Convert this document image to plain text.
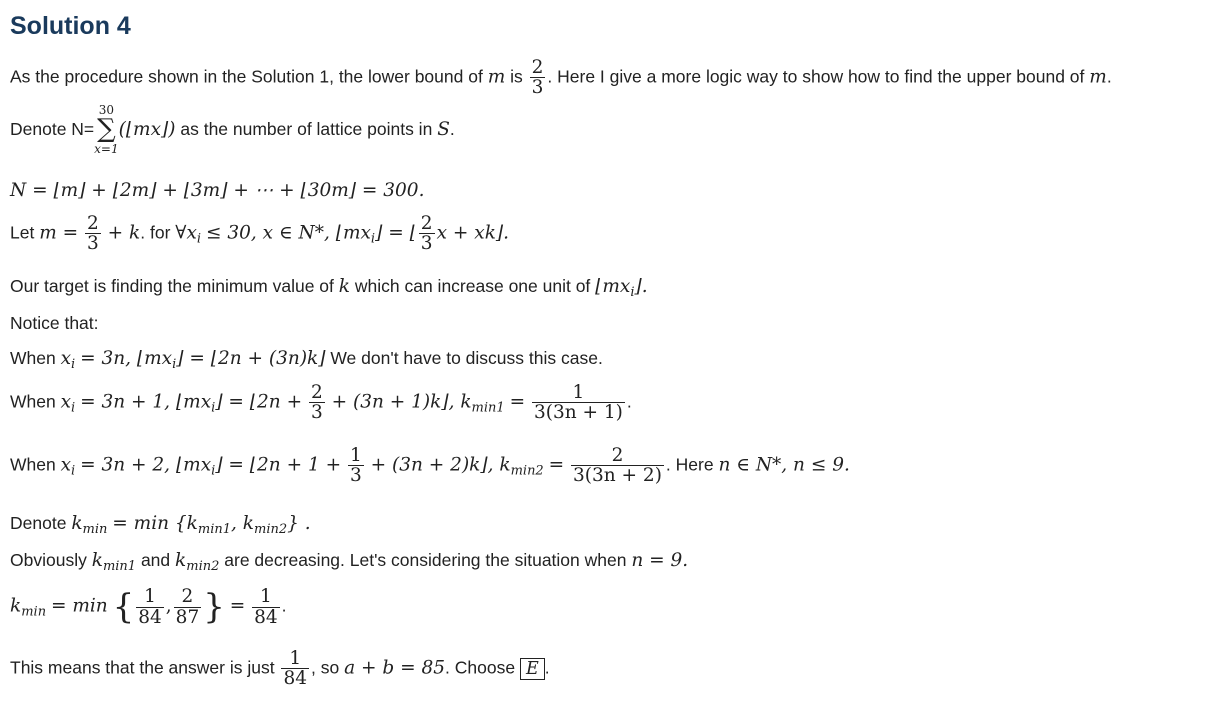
Solution 4
As the procedure shown in the Solution 1, the lower bound of m is $\frac{2}{3}$ . Here I give a more logic way to show how to find the upper bound of m.
Denote N=
30
∑
x=1
(⌊mx⌋) as the number of lattice points in S.
N = ⌊m⌋ + ⌊2m⌋ + ⌊3m⌋ + ⋯ + ⌊30m⌋ = 300.
Let $m = \frac{2}{3} + k$. for $\forall x_i \le 30$, x ∈ N*, $⌊mx_i⌋$ = ⌊ $\frac{2}{3}$ x + xk⌋.
Our target is finding the minimum value of k which can increase one unit of $⌊mx_i⌋$.
Notice that:
When $x_i = 3n$, $⌊mx_i⌋$ = ⌊2n + (3n)k⌋ We don't have to discuss this case.
When $x_i = 3n + 1$, $⌊mx_i⌋$ = ⌊2n + $\frac{2}{3} + (3n$ + 1)k⌋, $k_{min1} = \frac{1}{3(3n + 1)}$ .
When $x_i = 3n + 2$, $⌊mx_i⌋$ = ⌊2n + $1 + \frac{1}{3} + (3n$ + 2)k⌋, $k_{min2} = \frac{2}{3(3n + 2)}$ . Here n ∈ N*, n ≤ 9.
Denote $k_{min} = \min \{k_{min1}$, $k_{min2}$} .
Obviously $k_{min1}$ and $k_{min2}$ are decreasing. Let's considering the situation when n = 9.
$k_{min} = \min$ { $\frac{1}{84}$ , $\frac{2}{87}$ } = $\frac{1}{84}$ .
This means that the answer is just $\frac{1}{84}$ , so a + b = 85. Choose E .
